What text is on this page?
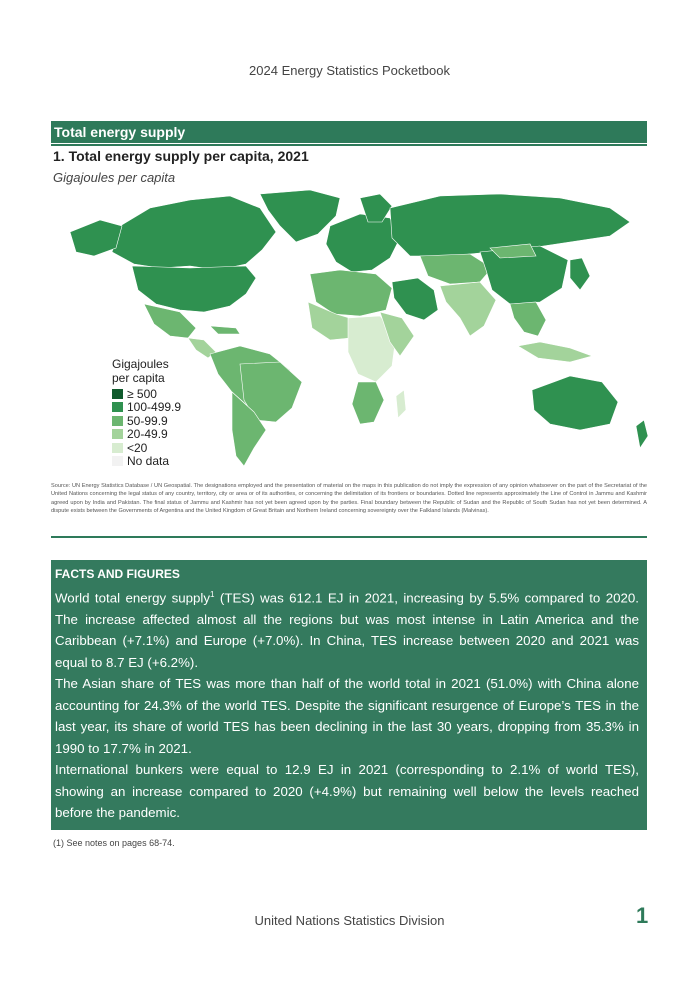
2024 Energy Statistics Pocketbook
Total energy supply
1. Total energy supply per capita, 2021
Gigajoules per capita
Gigajoules
per capita
≥ 500
100-499.9
50-99.9
20-49.9
<20
No data
Source: UN Energy Statistics Database / UN Geospatial. The designations employed and the presentation of material on the maps in this publication do not imply the expression of any opinion whatsoever on the part of the Secretariat of the United Nations concerning the legal status of any country, territory, city or area or of its authorities, or concerning the delimitation of its frontiers or boundaries. Dotted line represents approximately the Line of Control in Jammu and Kashmir agreed upon by India and Pakistan. The final status of Jammu and Kashmir has not yet been agreed upon by the parties. Final boundary between the Republic of Sudan and the Republic of South Sudan has not yet been determined. A dispute exists between the Governments of Argentina and the United Kingdom of Great Britain and Northern Ireland concerning sovereignty over the Falkland Islands (Malvinas).
FACTS AND FIGURES

World total energy supply$^1$ (TES) was 612.1 EJ in 2021, increasing by 5.5% compared to 2020. The increase affected almost all the regions but was most intense in Latin America and the Caribbean (+7.1%) and Europe (+7.0%). In China, TES increase between 2020 and 2021 was equal to 8.7 EJ (+6.2%).

The Asian share of TES was more than half of the world total in 2021 (51.0%) with China alone accounting for 24.3% of the world TES. Despite the significant resurgence of Europe’s TES in the last year, its share of world TES has been declining in the last 30 years, dropping from 35.3% in 1990 to 17.7% in 2021.

International bunkers were equal to 12.9 EJ in 2021 (corresponding to 2.1% of world TES), showing an increase compared to 2020 (+4.9%) but remaining well below the levels reached before the pandemic.

(1) See notes on pages 68-74.
United Nations Statistics Division	1
